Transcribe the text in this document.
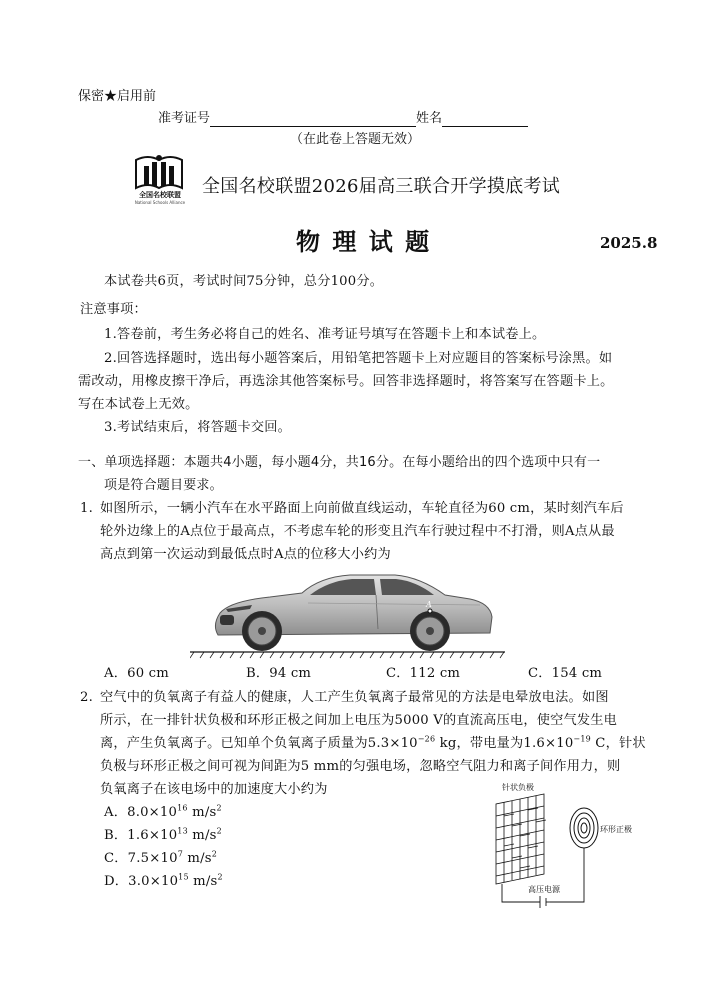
保密★启用前
准考证号	姓名
（在此卷上答题无效）
全国名校联盟
National Schools Alliance
全国名校联盟2026届高三联合开学摸底考试
物 理 试 题	2025.8
本试卷共6页，考试时间75分钟，总分100分。
注意事项：
1.答卷前，考生务必将自己的姓名、准考证号填写在答题卡上和本试卷上。
2.回答选择题时，选出每小题答案后，用铅笔把答题卡上对应题目的答案标号涂黑。如
需改动，用橡皮擦干净后，再选涂其他答案标号。回答非选择题时，将答案写在答题卡上。
写在本试卷上无效。
3.考试结束后，将答题卡交回。
一、单项选择题：本题共4小题，每小题4分，共16分。在每小题给出的四个选项中只有一
项是符合题目要求。
1. 如图所示，一辆小汽车在水平路面上向前做直线运动，车轮直径为60 cm，某时刻汽车后
轮外边缘上的A点位于最高点，不考虑车轮的形变且汽车行驶过程中不打滑，则A点从最
高点到第一次运动到最低点时A点的位移大小约为
A
A．60 cm	B．94 cm	C．112 cm	C．154 cm
2. 空气中的负氧离子有益人的健康，人工产生负氧离子最常见的方法是电晕放电法。如图
所示，在一排针状负极和环形正极之间加上电压为5000 V的直流高压电，使空气发生电
离，产生负氧离子。已知单个负氧离子质量为$5.3\times 10^{-26}$ kg，带电量为$1.6\times 10^{-19}$ C，针状
负极与环形正极之间可视为间距为5 mm的匀强电场，忽略空气阻力和离子间作用力，则
负氧离子在该电场中的加速度大小约为
A．$8.0\times 10^{16}$ $m/s^2$
B．$1.6\times 10^{13}$ $m/s^2$
C．$7.5\times 10^7$ $m/s^2$
D．$3.0\times 10^{15}$ $m/s^2$
针状负极
环形正极
高压电源
